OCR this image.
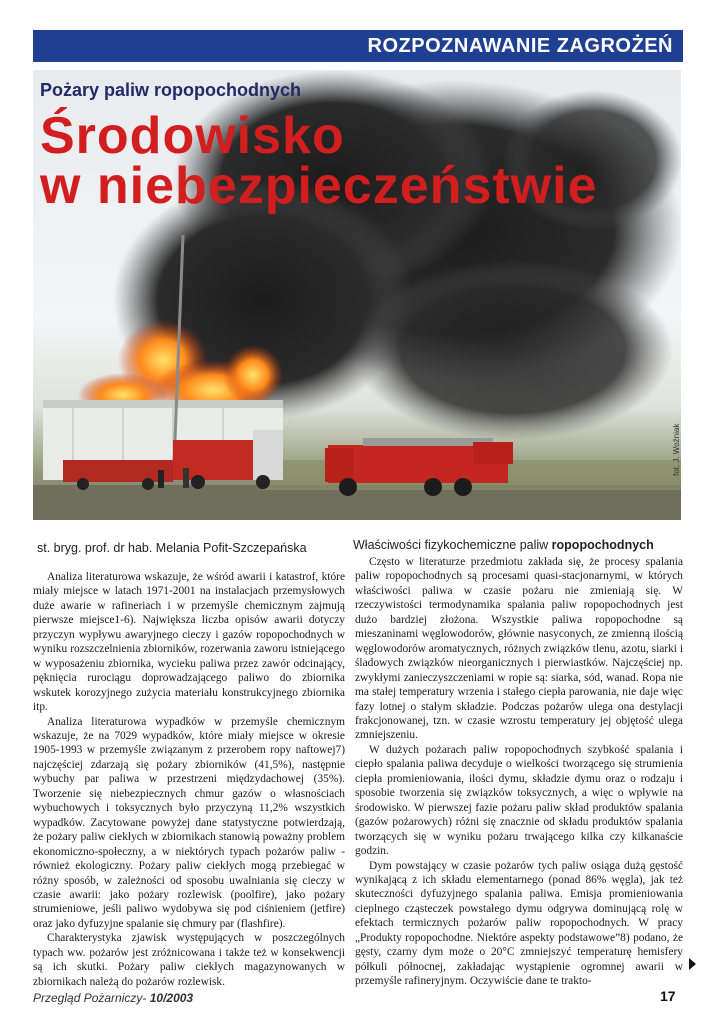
ROZPOZNAWANIE ZAGROŻEŃ
Pożary paliw ropopochodnych
Środowisko
w niebezpieczeństwie
fot. J. Woźniak
st. bryg. prof. dr hab. Melania Pofit-Szczepańska	Właściwości fizykochemiczne paliw ropopochodnych

Analiza literaturowa wskazuje, że wśród awarii i katastrof, które miały miejsce w latach 1971-2001 na instalacjach przemysłowych duże awarie w rafineriach i w przemyśle chemicznym zajmują pierwsze miejsce1-6). Największa liczba opisów awarii dotyczy przyczyn wypływu awaryjnego cieczy i gazów ropopochodnych w wyniku rozszczelnienia zbiorników, rozerwania zaworu istniejącego w wyposażeniu zbiornika, wycieku paliwa przez zawór odcinający, pęknięcia rurociągu doprowadzającego paliwo do zbiornika wskutek korozyjnego zużycia materiału konstrukcyjnego zbiornika itp.

Analiza literaturowa wypadków w przemyśle chemicznym wskazuje, że na 7029 wypadków, które miały miejsce w okresie 1905-1993 w przemyśle związanym z przerobem ropy naftowej7) najczęściej zdarzają się pożary zbiorników (41,5%), następnie wybuchy par paliwa w przestrzeni międzydachowej (35%). Tworzenie się niebezpiecznych chmur gazów o własnościach wybuchowych i toksycznych było przyczyną 11,2% wszystkich wypadków. Zacytowane powyżej dane statystyczne potwierdzają, że pożary paliw ciekłych w zbiornikach stanowią poważny problem ekonomiczno-społeczny, a w niektórych typach pożarów paliw - również ekologiczny. Pożary paliw ciekłych mogą przebiegać w różny sposób, w zależności od sposobu uwalniania się cieczy w czasie awarii: jako pożary rozlewisk (poolfire), jako pożary strumieniowe, jeśli paliwo wydobywa się pod ciśnieniem (jetfire) oraz jako dyfuzyjne spalanie się chmury par (flashfire).

Charakterystyka zjawisk występujących w poszczególnych typach ww. pożarów jest zróżnicowana i także też w konsekwencji są ich skutki. Pożary paliw ciekłych magazynowanych w zbiornikach należą do pożarów rozlewisk.

Często w literaturze przedmiotu zakłada się, że procesy spalania paliw ropopochodnych są procesami quasi-stacjonarnymi, w których właściwości paliwa w czasie pożaru nie zmieniają się. W rzeczywistości termodynamika spalania paliw ropopochodnych jest dużo bardziej złożona. Wszystkie paliwa ropopochodne są mieszaninami węglowodorów, głównie nasyconych, ze zmienną ilością węglowodorów aromatycznych, różnych związków tlenu, azotu, siarki i śladowych związków nieorganicznych i pierwiastków. Najczęściej np. zwykłymi zanieczyszczeniami w ropie są: siarka, sód, wanad. Ropa nie ma stałej temperatury wrzenia i stałego ciepła parowania, nie daje więc fazy lotnej o stałym składzie. Podczas pożarów ulega ona destylacji frakcjonowanej, tzn. w czasie wzrostu temperatury jej objętość ulega zmniejszeniu.

W dużych pożarach paliw ropopochodnych szybkość spalania i ciepło spalania paliwa decyduje o wielkości tworzącego się strumienia ciepła promieniowania, ilości dymu, składzie dymu oraz o rodzaju i sposobie tworzenia się związków toksycznych, a więc o wpływie na środowisko. W pierwszej fazie pożaru paliw skład produktów spalania (gazów pożarowych) różni się znacznie od składu produktów spalania tworzących się w wyniku pożaru trwającego kilka czy kilkanaście godzin.

Dym powstający w czasie pożarów tych paliw osiąga dużą gęstość wynikającą z ich składu elementarnego (ponad 86% węgla), jak też skuteczności dyfuzyjnego spalania paliwa. Emisja promieniowania cieplnego cząsteczek powstałego dymu odgrywa dominującą rolę w efektach termicznych pożarów paliw ropopochodnych. W pracy „Produkty ropopochodne. Niektóre aspekty podstawowe”8) podano, że gęsty, czarny dym może o 20°C zmniejszyć temperaturę hemisfery półkuli północnej, zakładając wystąpienie ogromnej awarii w przemyśle rafineryjnym. Oczywiście dane te trakto-

Przegląd Pożarniczy- 10/2003	17
